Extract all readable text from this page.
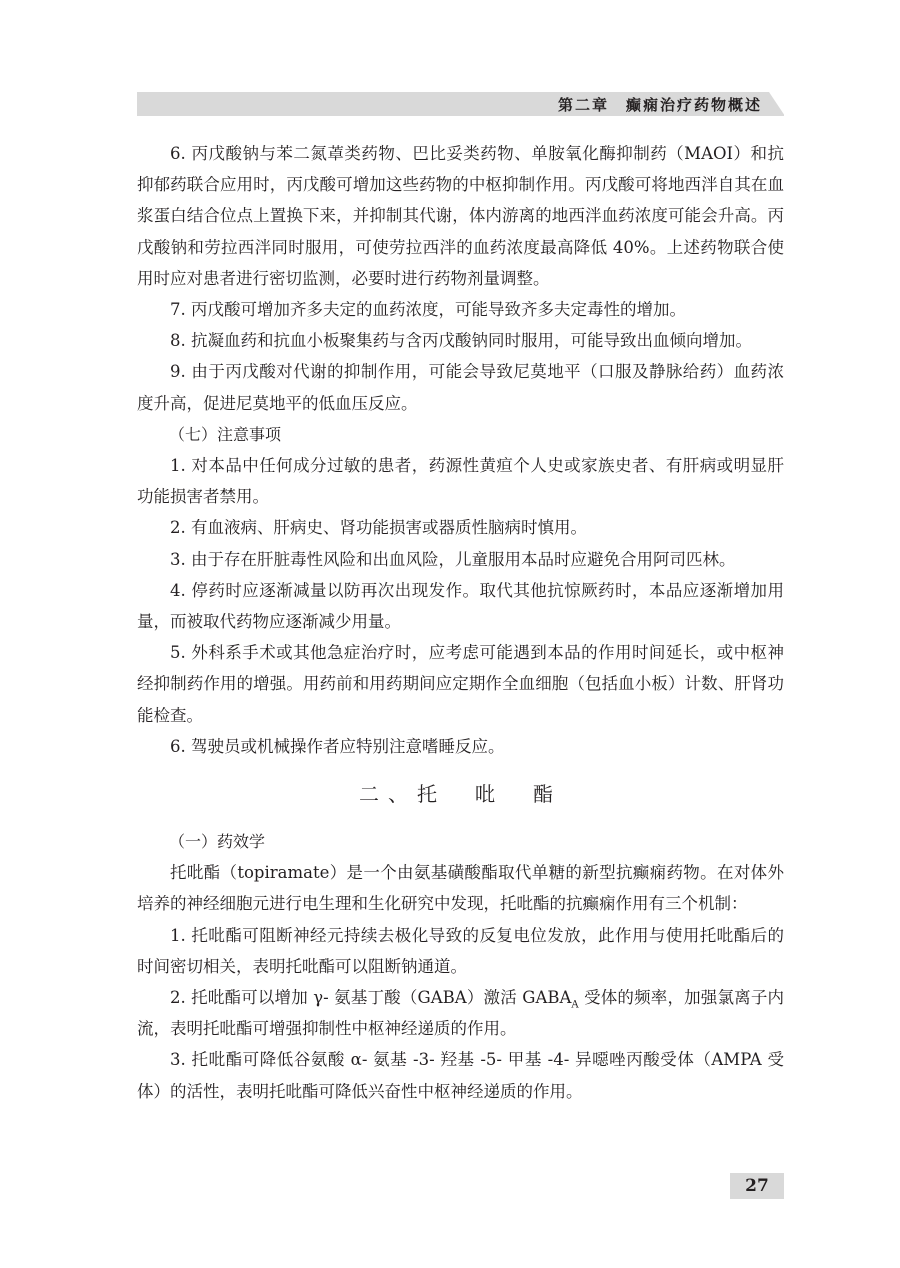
第二章　癫痫治疗药物概述

6. 丙戊酸钠与苯二氮䓬类药物、巴比妥类药物、单胺氧化酶抑制药（MAOI）和抗抑郁药联合应用时，丙戊酸可增加这些药物的中枢抑制作用。丙戊酸可将地西泮自其在血浆蛋白结合位点上置换下来，并抑制其代谢，体内游离的地西泮血药浓度可能会升高。丙戊酸钠和劳拉西泮同时服用，可使劳拉西泮的血药浓度最高降低 40%。上述药物联合使用时应对患者进行密切监测，必要时进行药物剂量调整。

7. 丙戊酸可增加齐多夫定的血药浓度，可能导致齐多夫定毒性的增加。

8. 抗凝血药和抗血小板聚集药与含丙戊酸钠同时服用，可能导致出血倾向增加。

9. 由于丙戊酸对代谢的抑制作用，可能会导致尼莫地平（口服及静脉给药）血药浓度升高，促进尼莫地平的低血压反应。

（七）注意事项

1. 对本品中任何成分过敏的患者，药源性黄疸个人史或家族史者、有肝病或明显肝功能损害者禁用。

2. 有血液病、肝病史、肾功能损害或器质性脑病时慎用。

3. 由于存在肝脏毒性风险和出血风险，儿童服用本品时应避免合用阿司匹林。

4. 停药时应逐渐减量以防再次出现发作。取代其他抗惊厥药时，本品应逐渐增加用量，而被取代药物应逐渐减少用量。

5. 外科系手术或其他急症治疗时，应考虑可能遇到本品的作用时间延长，或中枢神经抑制药作用的增强。用药前和用药期间应定期作全血细胞（包括血小板）计数、肝肾功能检查。

6. 驾驶员或机械操作者应特别注意嗜睡反应。

二、托　吡　酯

（一）药效学

托吡酯（topiramate）是一个由氨基磺酸酯取代单糖的新型抗癫痫药物。在对体外培养的神经细胞元进行电生理和生化研究中发现，托吡酯的抗癫痫作用有三个机制：

1. 托吡酯可阻断神经元持续去极化导致的反复电位发放，此作用与使用托吡酯后的时间密切相关，表明托吡酯可以阻断钠通道。

2. 托吡酯可以增加 γ- 氨基丁酸（GABA）激活 $GABA_A$ 受体的频率，加强氯离子内流，表明托吡酯可增强抑制性中枢神经递质的作用。

3. 托吡酯可降低谷氨酸 α- 氨基 -3- 羟基 -5- 甲基 -4- 异噁唑丙酸受体（AMPA 受体）的活性，表明托吡酯可降低兴奋性中枢神经递质的作用。

27
